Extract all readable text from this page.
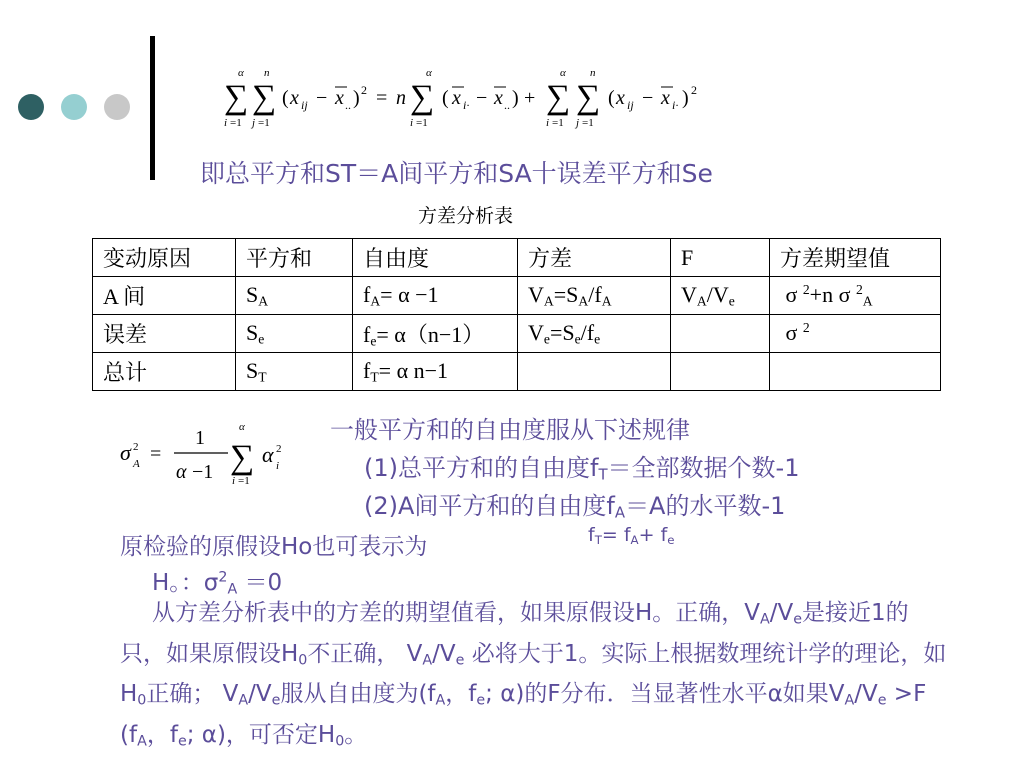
α
∑
i =1
n
∑
j =1
( x ij − x .. ) 2 = n
α
∑
i =1
( x i· − x .. ) +
α
∑
i =1
n
∑
j =1
( x ij − x i· ) 2
即总平方和ST＝A间平方和SA十误差平方和Se
方差分析表
变动原因	平方和	自由度	方差	F	方差期望值
A 间	$S_A$	$f_A= \alpha -1$	$V_A=S_A/f_A$	$V_A/V_e$	σ $^2$+n σ $^2_A$
误差	$S_e$	$f_e= \alpha(n-1)$	$V_e=S_e/f_e$		σ $^2$
总计	$S_T$	$f_T= \alpha$ n−1			
σ 2
A =
1
α −1
α
∑
i =1
α 2
i
一般平方和的自由度服从下述规律
(1)总平方和的自由度$f_T=$全部数据个数-1
(2)A间平方和的自由度$f_A=A$的水平数-1
原检验的原假设Ho也可表示为	$f_T= f_A+ f_e$
H。：$\sigma^2_A =0$
从方差分析表中的方差的期望值看，如果原假设H。正确，$V_A/V_e$是接近1的只，如果原假设$H_0$不正确， $V_A/V_e$ 必将大于1。实际上根据数理统计学的理论，如$H_0$正确； $V_A/V_e$服从自由度为($f_A$，$f_e$; α)的F分布．当显著性水平α如果$V_A/V_e >F$ ($f_A$，$f_e$; α)，可否定$H_0$。
